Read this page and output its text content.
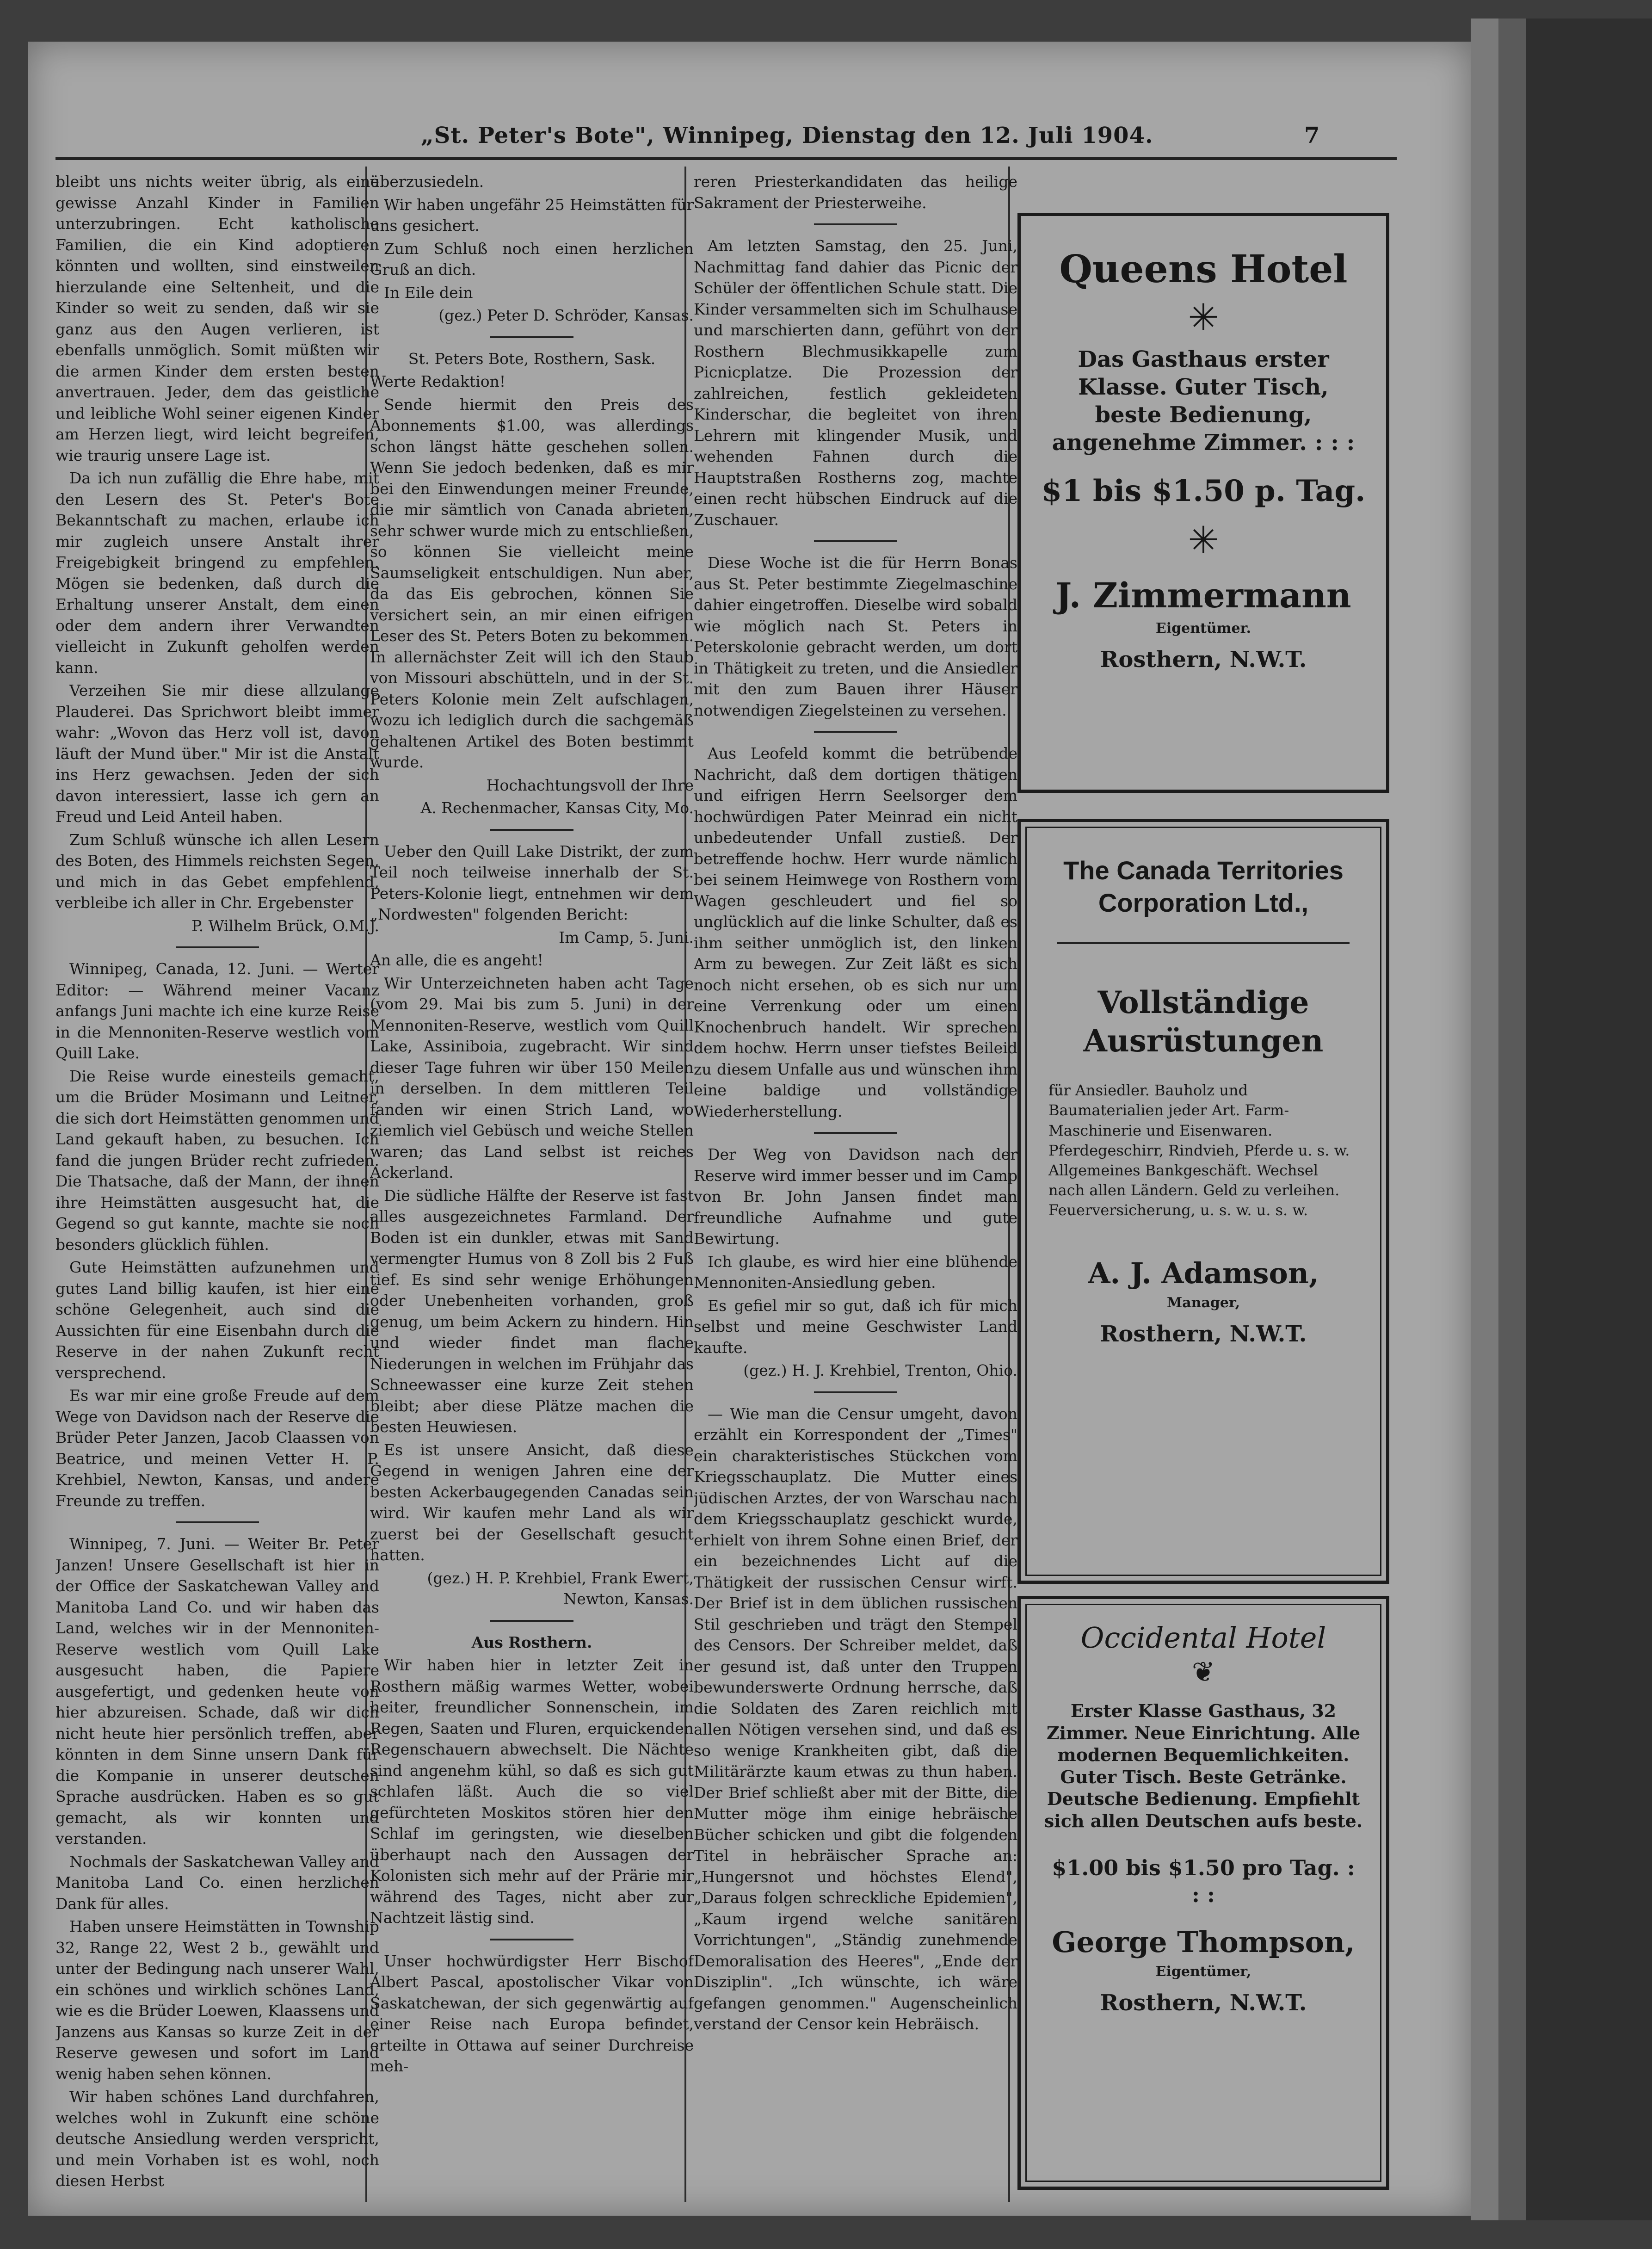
„St. Peter's Bote", Winnipeg, Dienstag den 12. Juli 1904.	7

bleibt uns nichts weiter übrig, als eine gewisse Anzahl Kinder in Familien unterzubringen. Echt katholische Familien, die ein Kind adoptieren könnten und wollten, sind einstweilen hierzulande eine Seltenheit, und die Kinder so weit zu senden, daß wir sie ganz aus den Augen verlieren, ist ebenfalls unmöglich. Somit müßten wir die armen Kinder dem ersten besten anvertrauen. Jeder, dem das geistliche und leibliche Wohl seiner eigenen Kinder am Herzen liegt, wird leicht begreifen, wie traurig unsere Lage ist.

Da ich nun zufällig die Ehre habe, mit den Lesern des St. Peter's Bote Bekanntschaft zu machen, erlaube ich mir zugleich unsere Anstalt ihrer Freigebigkeit bringend zu empfehlen. Mögen sie bedenken, daß durch die Erhaltung unserer Anstalt, dem einen oder dem andern ihrer Verwandten vielleicht in Zukunft geholfen werden kann.

Verzeihen Sie mir diese allzulange Plauderei. Das Sprichwort bleibt immer wahr: „Wovon das Herz voll ist, davon läuft der Mund über." Mir ist die Anstalt ins Herz gewachsen. Jeden der sich davon interessiert, lasse ich gern an Freud und Leid Anteil haben.

Zum Schluß wünsche ich allen Lesern des Boten, des Himmels reichsten Segen, und mich in das Gebet empfehlend, verbleibe ich aller in Chr. Ergebenster

P. Wilhelm Brück, O.M.J.

Winnipeg, Canada, 12. Juni. — Werter Editor: — Während meiner Vacanz anfangs Juni machte ich eine kurze Reise in die Mennoniten-Reserve westlich vom Quill Lake.

Die Reise wurde einesteils gemacht, um die Brüder Mosimann und Leitner, die sich dort Heimstätten genommen und Land gekauft haben, zu besuchen. Ich fand die jungen Brüder recht zufrieden. Die Thatsache, daß der Mann, der ihnen ihre Heimstätten ausgesucht hat, die Gegend so gut kannte, machte sie noch besonders glücklich fühlen.

Gute Heimstätten aufzunehmen und gutes Land billig kaufen, ist hier eine schöne Gelegenheit, auch sind die Aussichten für eine Eisenbahn durch die Reserve in der nahen Zukunft recht versprechend.

Es war mir eine große Freude auf dem Wege von Davidson nach der Reserve die Brüder Peter Janzen, Jacob Claassen von Beatrice, und meinen Vetter H. P. Krehbiel, Newton, Kansas, und andere Freunde zu treffen.

Winnipeg, 7. Juni. — Weiter Br. Peter Janzen! Unsere Gesellschaft ist hier in der Office der Saskatchewan Valley and Manitoba Land Co. und wir haben das Land, welches wir in der Mennoniten-Reserve westlich vom Quill Lake ausgesucht haben, die Papiere ausgefertigt, und gedenken heute von hier abzureisen. Schade, daß wir dich nicht heute hier persönlich treffen, aber könnten in dem Sinne unsern Dank für die Kompanie in unserer deutschen Sprache ausdrücken. Haben es so gut gemacht, als wir konnten und verstanden.

Nochmals der Saskatchewan Valley and Manitoba Land Co. einen herzlichen Dank für alles.

Haben unsere Heimstätten in Township 32, Range 22, West 2 b., gewählt und unter der Bedingung nach unserer Wahl, ein schönes und wirklich schönes Land, wie es die Brüder Loewen, Klaassens und Janzens aus Kansas so kurze Zeit in der Reserve gewesen und sofort im Land wenig haben sehen können.

Wir haben schönes Land durchfahren, welches wohl in Zukunft eine schöne deutsche Ansiedlung werden verspricht, und mein Vorhaben ist es wohl, noch diesen Herbst

überzusiedeln.

Wir haben ungefähr 25 Heimstätten für uns gesichert.

Zum Schluß noch einen herzlichen Gruß an dich.

In Eile dein

(gez.) Peter D. Schröder, Kansas.

St. Peters Bote, Rosthern, Sask.

Werte Redaktion!

Sende hiermit den Preis des Abonnements $1.00, was allerdings schon längst hätte geschehen sollen. Wenn Sie jedoch bedenken, daß es mir bei den Einwendungen meiner Freunde, die mir sämtlich von Canada abrieten, sehr schwer wurde mich zu entschließen, so können Sie vielleicht meine Saumseligkeit entschuldigen. Nun aber, da das Eis gebrochen, können Sie versichert sein, an mir einen eifrigen Leser des St. Peters Boten zu bekommen. In allernächster Zeit will ich den Staub von Missouri abschütteln, und in der St. Peters Kolonie mein Zelt aufschlagen, wozu ich lediglich durch die sachgemäß gehaltenen Artikel des Boten bestimmt wurde.

Hochachtungsvoll der Ihre

A. Rechenmacher, Kansas City, Mo.

Ueber den Quill Lake Distrikt, der zum Teil noch teilweise innerhalb der St. Peters-Kolonie liegt, entnehmen wir dem „Nordwesten" folgenden Bericht:

Im Camp, 5. Juni.

An alle, die es angeht!

Wir Unterzeichneten haben acht Tage (vom 29. Mai bis zum 5. Juni) in der Mennoniten-Reserve, westlich vom Quill Lake, Assiniboia, zugebracht. Wir sind dieser Tage fuhren wir über 150 Meilen in derselben. In dem mittleren Teil fanden wir einen Strich Land, wo ziemlich viel Gebüsch und weiche Stellen waren; das Land selbst ist reiches Ackerland.

Die südliche Hälfte der Reserve ist fast alles ausgezeichnetes Farmland. Der Boden ist ein dunkler, etwas mit Sand vermengter Humus von 8 Zoll bis 2 Fuß tief. Es sind sehr wenige Erhöhungen oder Unebenheiten vorhanden, groß genug, um beim Ackern zu hindern. Hin und wieder findet man flache Niederungen in welchen im Frühjahr das Schneewasser eine kurze Zeit stehen bleibt; aber diese Plätze machen die besten Heuwiesen.

Es ist unsere Ansicht, daß diese Gegend in wenigen Jahren eine der besten Ackerbaugegenden Canadas sein wird. Wir kaufen mehr Land als wir zuerst bei der Gesellschaft gesucht hatten.

(gez.) H. P. Krehbiel, Frank Ewert, Newton, Kansas.

Aus Rosthern.

Wir haben hier in letzter Zeit in Rosthern mäßig warmes Wetter, wobei heiter, freundlicher Sonnenschein, im Regen, Saaten und Fluren, erquickenden Regenschauern abwechselt. Die Nächte sind angenehm kühl, so daß es sich gut schlafen läßt. Auch die so viel gefürchteten Moskitos stören hier den Schlaf im geringsten, wie dieselben überhaupt nach den Aussagen der Kolonisten sich mehr auf der Prärie mir während des Tages, nicht aber zur Nachtzeit lästig sind.

Unser hochwürdigster Herr Bischof Albert Pascal, apostolischer Vikar von Saskatchewan, der sich gegenwärtig auf einer Reise nach Europa befindet, erteilte in Ottawa auf seiner Durchreise meh-

reren Priesterkandidaten das heilige Sakrament der Priesterweihe.

Am letzten Samstag, den 25. Juni, Nachmittag fand dahier das Picnic der Schüler der öffentlichen Schule statt. Die Kinder versammelten sich im Schulhause und marschierten dann, geführt von der Rosthern Blechmusikkapelle zum Picnicplatze. Die Prozession der zahlreichen, festlich gekleideten Kinderschar, die begleitet von ihren Lehrern mit klingender Musik, und wehenden Fahnen durch die Hauptstraßen Rostherns zog, machte einen recht hübschen Eindruck auf die Zuschauer.

Diese Woche ist die für Herrn Bonas aus St. Peter bestimmte Ziegelmaschine dahier eingetroffen. Dieselbe wird sobald wie möglich nach St. Peters in Peterskolonie gebracht werden, um dort in Thätigkeit zu treten, und die Ansiedler mit den zum Bauen ihrer Häuser notwendigen Ziegelsteinen zu versehen.

Aus Leofeld kommt die betrübende Nachricht, daß dem dortigen thätigen und eifrigen Herrn Seelsorger dem hochwürdigen Pater Meinrad ein nicht unbedeutender Unfall zustieß. Der betreffende hochw. Herr wurde nämlich bei seinem Heimwege von Rosthern vom Wagen geschleudert und fiel so unglücklich auf die linke Schulter, daß es ihm seither unmöglich ist, den linken Arm zu bewegen. Zur Zeit läßt es sich noch nicht ersehen, ob es sich nur um eine Verrenkung oder um einen Knochenbruch handelt. Wir sprechen dem hochw. Herrn unser tiefstes Beileid zu diesem Unfalle aus und wünschen ihm eine baldige und vollständige Wiederherstellung.

Der Weg von Davidson nach der Reserve wird immer besser und im Camp von Br. John Jansen findet man freundliche Aufnahme und gute Bewirtung.

Ich glaube, es wird hier eine blühende Mennoniten-Ansiedlung geben.

Es gefiel mir so gut, daß ich für mich selbst und meine Geschwister Land kaufte.

(gez.) H. J. Krehbiel, Trenton, Ohio.

— Wie man die Censur umgeht, davon erzählt ein Korrespondent der „Times" ein charakteristisches Stückchen vom Kriegsschauplatz. Die Mutter eines jüdischen Arztes, der von Warschau nach dem Kriegsschauplatz geschickt wurde, erhielt von ihrem Sohne einen Brief, der ein bezeichnendes Licht auf die Thätigkeit der russischen Censur wirft. Der Brief ist in dem üblichen russischen Stil geschrieben und trägt den Stempel des Censors. Der Schreiber meldet, daß er gesund ist, daß unter den Truppen bewunderswerte Ordnung herrsche, daß die Soldaten des Zaren reichlich mit allen Nötigen versehen sind, und daß es so wenige Krankheiten gibt, daß die Militärärzte kaum etwas zu thun haben. Der Brief schließt aber mit der Bitte, die Mutter möge ihm einige hebräische Bücher schicken und gibt die folgenden Titel in hebräischer Sprache an: „Hungersnot und höchstes Elend", „Daraus folgen schreckliche Epidemien", „Kaum irgend welche sanitären Vorrichtungen", „Ständig zunehmende Demoralisation des Heeres", „Ende der Disziplin". „Ich wünschte, ich wäre gefangen genommen." Augenscheinlich verstand der Censor kein Hebräisch.

Queens Hotel
✳
Das Gasthaus erster Klasse. Guter Tisch, beste Bedienung, angenehme Zimmer. : : :
$1 bis $1.50 p. Tag.
✳
J. Zimmermann
Eigentümer.
Rosthern, N.W.T.
The Canada Territories Corporation Ltd.,
Vollständige
Ausrüstungen
für Ansiedler. Bauholz und Baumaterialien jeder Art. Farm-Maschinerie und Eisenwaren. Pferdegeschirr, Rindvieh, Pferde u. s. w. Allgemeines Bankgeschäft. Wechsel nach allen Ländern. Geld zu verleihen. Feuerversicherung, u. s. w. u. s. w.
A. J. Adamson,
Manager,
Rosthern, N.W.T.
Occidental Hotel
❦
Erster Klasse Gasthaus, 32 Zimmer. Neue Einrichtung. Alle modernen Bequemlichkeiten. Guter Tisch. Beste Getränke. Deutsche Bedienung. Empfiehlt sich allen Deutschen aufs beste.
$1.00 bis $1.50 pro Tag. : : :
George Thompson,
Eigentümer,
Rosthern, N.W.T.
